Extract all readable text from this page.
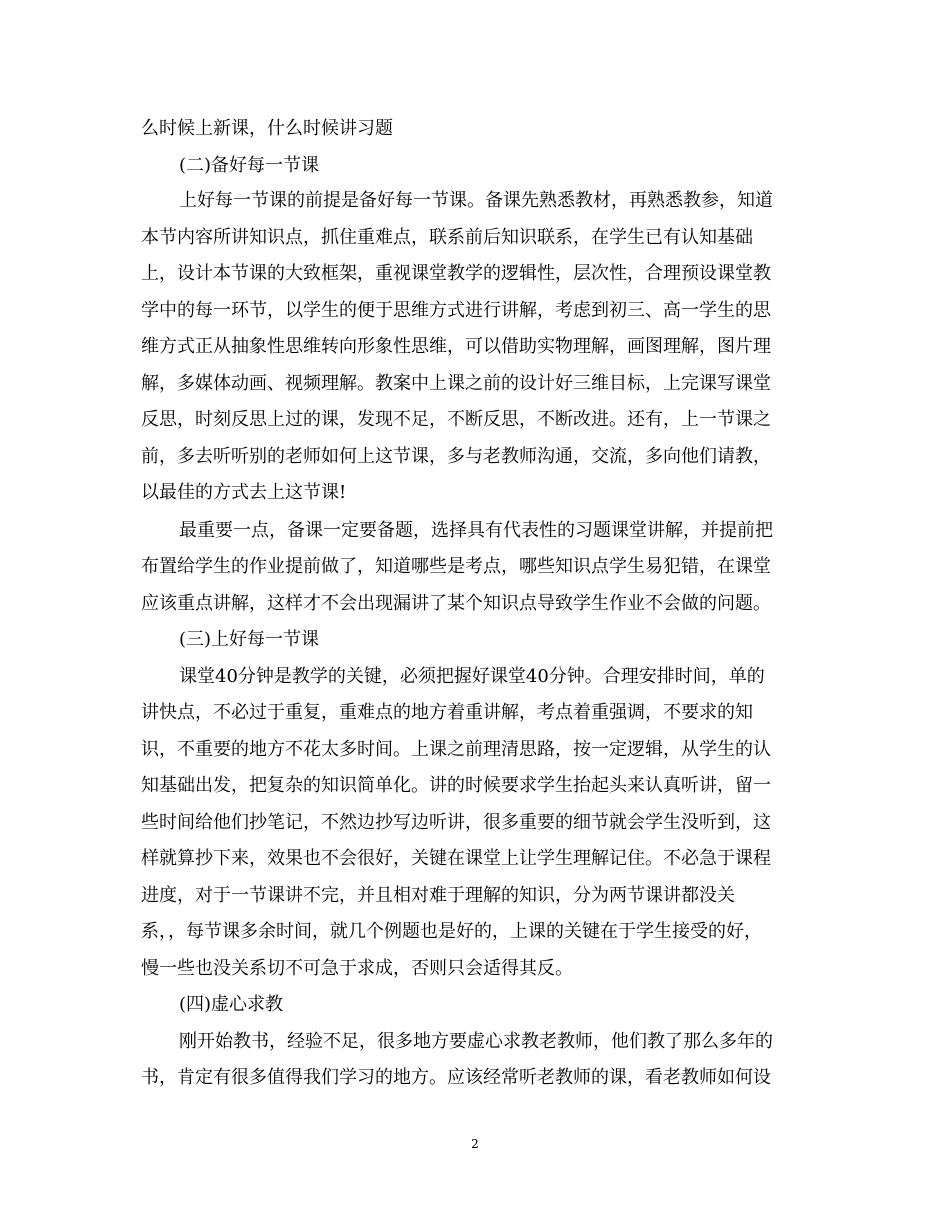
么时候上新课，什么时候讲习题
(二)备好每一节课
上好每一节课的前提是备好每一节课。备课先熟悉教材，再熟悉教参，知道
本节内容所讲知识点，抓住重难点，联系前后知识联系，在学生已有认知基础
上，设计本节课的大致框架，重视课堂教学的逻辑性，层次性，合理预设课堂教
学中的每一环节，以学生的便于思维方式进行讲解，考虑到初三、高一学生的思
维方式正从抽象性思维转向形象性思维，可以借助实物理解，画图理解，图片理
解，多媒体动画、视频理解。教案中上课之前的设计好三维目标，上完课写课堂
反思，时刻反思上过的课，发现不足，不断反思，不断改进。还有，上一节课之
前，多去听听别的老师如何上这节课，多与老教师沟通，交流，多向他们请教，
以最佳的方式去上这节课!
最重要一点，备课一定要备题，选择具有代表性的习题课堂讲解，并提前把
布置给学生的作业提前做了，知道哪些是考点，哪些知识点学生易犯错，在课堂
应该重点讲解，这样才不会出现漏讲了某个知识点导致学生作业不会做的问题。
(三)上好每一节课
课堂40分钟是教学的关键，必须把握好课堂40分钟。合理安排时间，单的
讲快点，不必过于重复，重难点的地方着重讲解，考点着重强调，不要求的知
识，不重要的地方不花太多时间。上课之前理清思路，按一定逻辑，从学生的认
知基础出发，把复杂的知识简单化。讲的时候要求学生抬起头来认真听讲，留一
些时间给他们抄笔记，不然边抄写边听讲，很多重要的细节就会学生没听到，这
样就算抄下来，效果也不会很好，关键在课堂上让学生理解记住。不必急于课程
进度，对于一节课讲不完，并且相对难于理解的知识，分为两节课讲都没关
系，，每节课多余时间，就几个例题也是好的，上课的关键在于学生接受的好，
慢一些也没关系切不可急于求成，否则只会适得其反。
(四)虚心求教
刚开始教书，经验不足，很多地方要虚心求教老教师，他们教了那么多年的
书，肯定有很多值得我们学习的地方。应该经常听老教师的课，看老教师如何设
2
